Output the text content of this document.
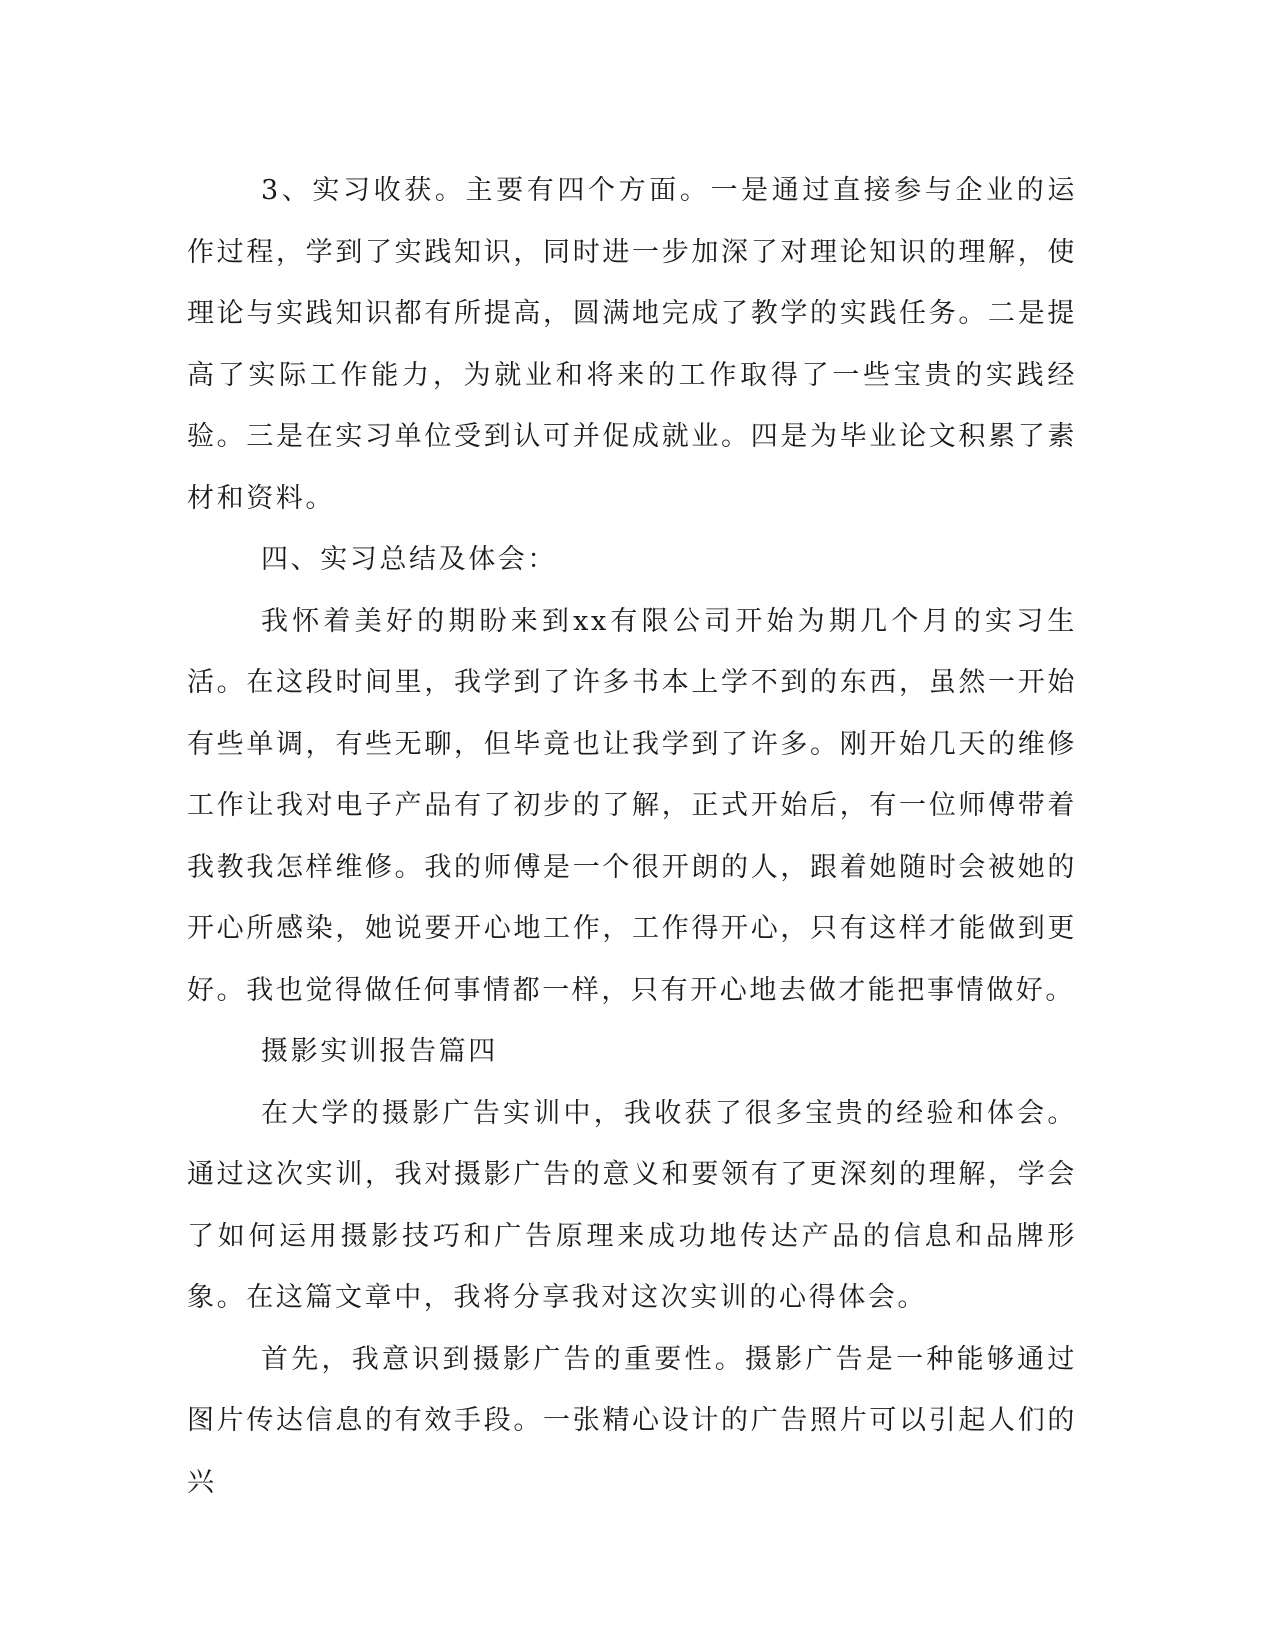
3、实习收获。主要有四个方面。一是通过直接参与企业的运作过程，学到了实践知识，同时进一步加深了对理论知识的理解，使理论与实践知识都有所提高，圆满地完成了教学的实践任务。二是提高了实际工作能力，为就业和将来的工作取得了一些宝贵的实践经验。三是在实习单位受到认可并促成就业。四是为毕业论文积累了素材和资料。

四、实习总结及体会：

我怀着美好的期盼来到xx有限公司开始为期几个月的实习生活。在这段时间里，我学到了许多书本上学不到的东西，虽然一开始有些单调，有些无聊，但毕竟也让我学到了许多。刚开始几天的维修工作让我对电子产品有了初步的了解，正式开始后，有一位师傅带着我教我怎样维修。我的师傅是一个很开朗的人，跟着她随时会被她的开心所感染，她说要开心地工作，工作得开心，只有这样才能做到更好。我也觉得做任何事情都一样，只有开心地去做才能把事情做好。

摄影实训报告篇四

在大学的摄影广告实训中，我收获了很多宝贵的经验和体会。通过这次实训，我对摄影广告的意义和要领有了更深刻的理解，学会了如何运用摄影技巧和广告原理来成功地传达产品的信息和品牌形象。在这篇文章中，我将分享我对这次实训的心得体会。

首先，我意识到摄影广告的重要性。摄影广告是一种能够通过图片传达信息的有效手段。一张精心设计的广告照片可以引起人们的兴
